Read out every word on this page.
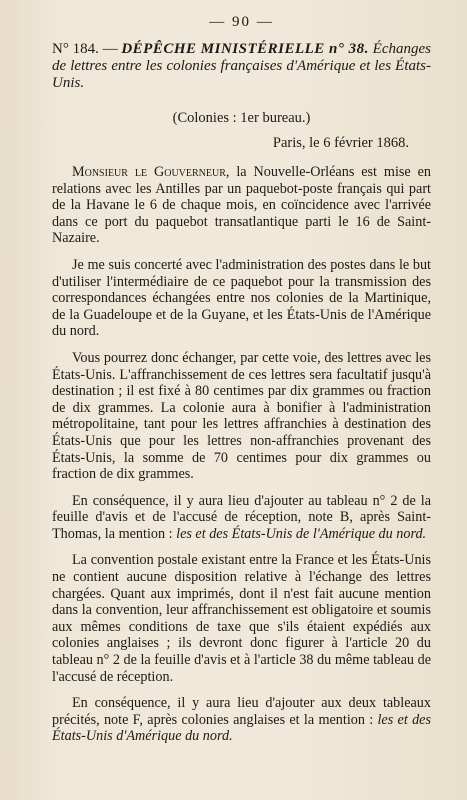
— 90 —
N° 184. — DÉPÊCHE MINISTÉRIELLE n° 38. Échanges de lettres entre les colonies françaises d'Amérique et les États-Unis.
(Colonies : 1er bureau.)
Paris, le 6 février 1868.

Monsieur le Gouverneur, la Nouvelle-Orléans est mise en relations avec les Antilles par un paquebot-poste français qui part de la Havane le 6 de chaque mois, en coïncidence avec l'arrivée dans ce port du paquebot transatlantique parti le 16 de Saint-Nazaire.

Je me suis concerté avec l'administration des postes dans le but d'utiliser l'intermédiaire de ce paquebot pour la transmission des correspondances échangées entre nos colonies de la Martinique, de la Guadeloupe et de la Guyane, et les États-Unis de l'Amérique du nord.

Vous pourrez donc échanger, par cette voie, des lettres avec les États-Unis. L'affranchissement de ces lettres sera facultatif jusqu'à destination ; il est fixé à 80 centimes par dix grammes ou fraction de dix grammes. La colonie aura à bonifier à l'administration métropolitaine, tant pour les lettres affranchies à destination des États-Unis que pour les lettres non-affranchies provenant des États-Unis, la somme de 70 centimes pour dix grammes ou fraction de dix grammes.

En conséquence, il y aura lieu d'ajouter au tableau n° 2 de la feuille d'avis et de l'accusé de réception, note B, après Saint-Thomas, la mention : les et des États-Unis de l'Amérique du nord.

La convention postale existant entre la France et les États-Unis ne contient aucune disposition relative à l'échange des lettres chargées. Quant aux imprimés, dont il n'est fait aucune mention dans la convention, leur affranchissement est obligatoire et soumis aux mêmes conditions de taxe que s'ils étaient expédiés aux colonies anglaises ; ils devront donc figurer à l'article 20 du tableau n° 2 de la feuille d'avis et à l'article 38 du même tableau de l'accusé de réception.

En conséquence, il y aura lieu d'ajouter aux deux tableaux précités, note F, après colonies anglaises et la mention : les et des États-Unis d'Amérique du nord.
